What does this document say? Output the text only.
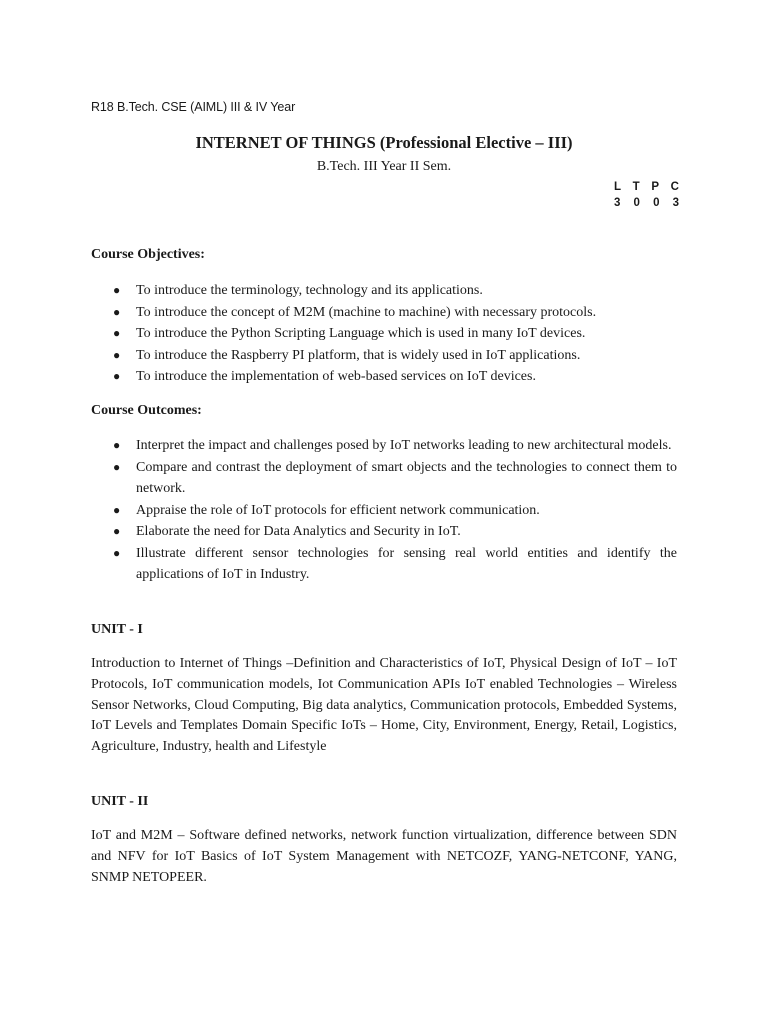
R18 B.Tech. CSE (AIML) III & IV Year
INTERNET OF THINGS (Professional Elective – III)
B.Tech. III Year II Sem.
L T P C
3 0 0 3
Course Objectives:
● To introduce the terminology, technology and its applications.
● To introduce the concept of M2M (machine to machine) with necessary protocols.
● To introduce the Python Scripting Language which is used in many IoT devices.
● To introduce the Raspberry PI platform, that is widely used in IoT applications.
● To introduce the implementation of web-based services on IoT devices.
Course Outcomes:
● Interpret the impact and challenges posed by IoT networks leading to new architectural models.
● Compare and contrast the deployment of smart objects and the technologies to connect them to network.
● Appraise the role of IoT protocols for efficient network communication.
● Elaborate the need for Data Analytics and Security in IoT.
● Illustrate different sensor technologies for sensing real world entities and identify the applications of IoT in Industry.
UNIT - I
Introduction to Internet of Things –Definition and Characteristics of IoT, Physical Design of IoT – IoT Protocols, IoT communication models, Iot Communication APIs IoT enabled Technologies – Wireless Sensor Networks, Cloud Computing, Big data analytics, Communication protocols, Embedded Systems, IoT Levels and Templates Domain Specific IoTs – Home, City, Environment, Energy, Retail, Logistics, Agriculture, Industry, health and Lifestyle
UNIT - II
IoT and M2M – Software defined networks, network function virtualization, difference between SDN and NFV for IoT Basics of IoT System Management with NETCOZF, YANG-NETCONF, YANG, SNMP NETOPEER.
